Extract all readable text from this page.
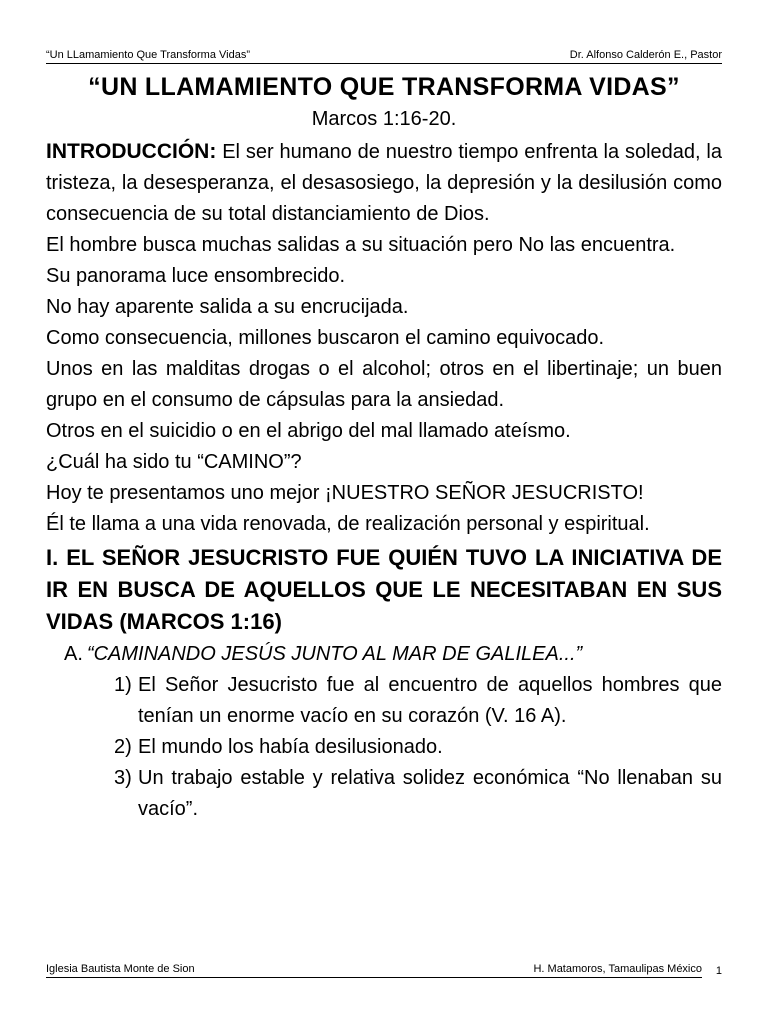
“Un LLamamiento Que Transforma Vidas”	Dr. Alfonso Calderón E., Pastor
“UN LLAMAMIENTO QUE TRANSFORMA VIDAS”

Marcos 1:16-20.

INTRODUCCIÓN: El ser humano de nuestro tiempo enfrenta la soledad, la tristeza, la desesperanza, el desasosiego, la depresión y la desilusión como consecuencia de su total distanciamiento de Dios.

El hombre busca muchas salidas a su situación pero No las encuentra.

Su panorama luce ensombrecido.

No hay aparente salida a su encrucijada.

Como consecuencia, millones buscaron el camino equivocado.

Unos en las malditas drogas o el alcohol; otros en el libertinaje; un buen grupo en el consumo de cápsulas para la ansiedad.

Otros en el suicidio o en el abrigo del mal llamado ateísmo.

¿Cuál ha sido tu “CAMINO”?

Hoy te presentamos uno mejor ¡NUESTRO SEÑOR JESUCRISTO!

Él te llama a una vida renovada, de realización personal y espiritual.

I. EL SEÑOR JESUCRISTO FUE QUIÉN TUVO LA INICIATIVA DE IR EN BUSCA DE AQUELLOS QUE LE NECESITABAN EN SUS VIDAS (MARCOS 1:16)

A. “CAMINANDO JESÚS JUNTO AL MAR DE GALILEA...”

1) El Señor Jesucristo fue al encuentro de aquellos hombres que tenían un enorme vacío en su corazón (V. 16 A).
2) El mundo los había desilusionado.
3) Un trabajo estable y relativa solidez económica “No llenaban su vacío”.
Iglesia Bautista Monte de Sion	H. Matamoros, Tamaulipas México 1
